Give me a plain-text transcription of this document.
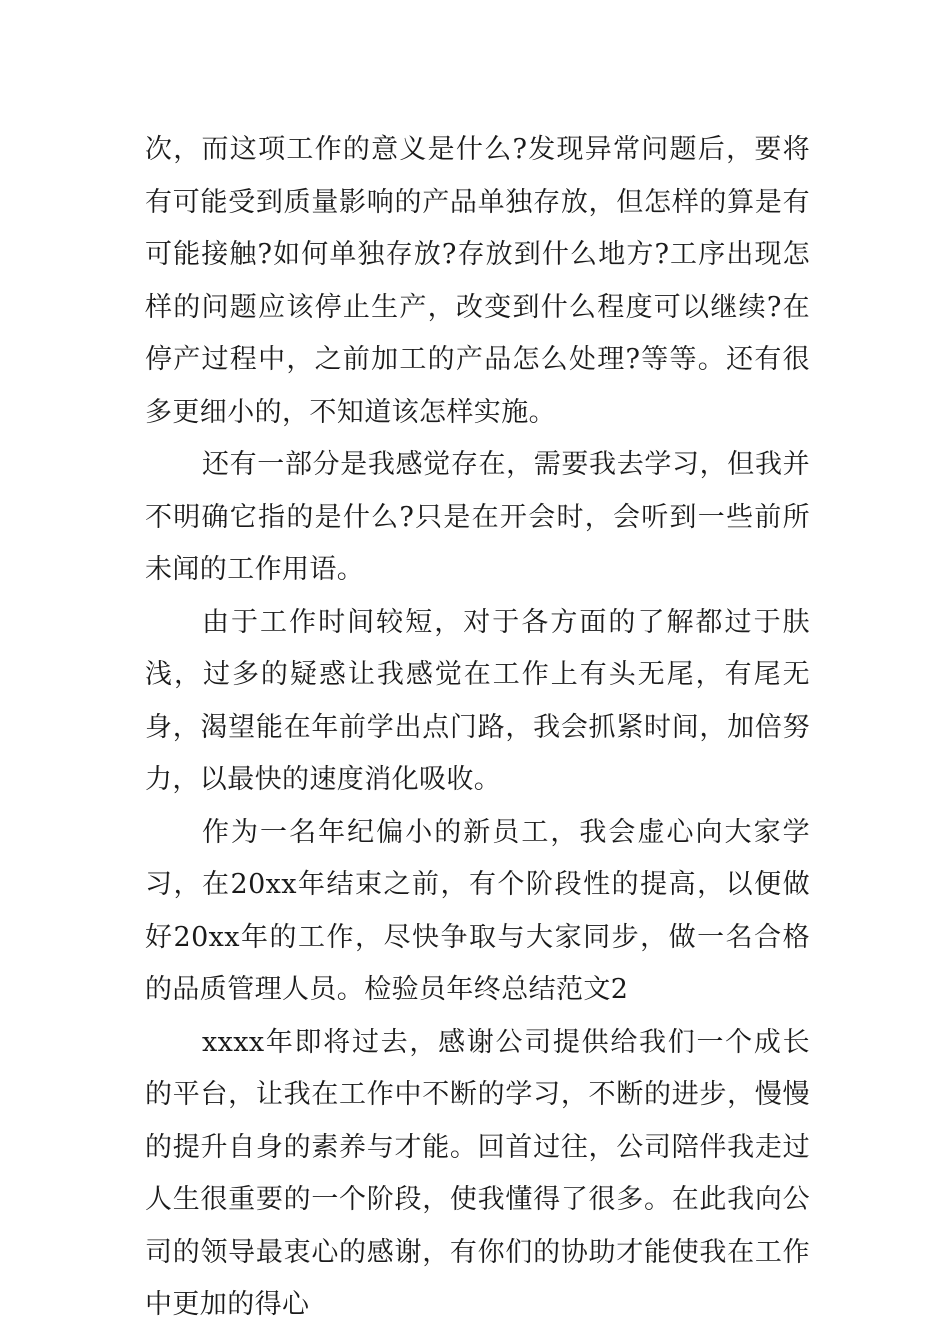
次，而这项工作的意义是什么?发现异常问题后，要将有可能受到质量影响的产品单独存放，但怎样的算是有可能接触?如何单独存放?存放到什么地方?工序出现怎样的问题应该停止生产，改变到什么程度可以继续?在停产过程中，之前加工的产品怎么处理?等等。还有很多更细小的，不知道该怎样实施。

还有一部分是我感觉存在，需要我去学习，但我并不明确它指的是什么?只是在开会时，会听到一些前所未闻的工作用语。

由于工作时间较短，对于各方面的了解都过于肤浅，过多的疑惑让我感觉在工作上有头无尾，有尾无身，渴望能在年前学出点门路，我会抓紧时间，加倍努力，以最快的速度消化吸收。

作为一名年纪偏小的新员工，我会虚心向大家学习，在20xx年结束之前，有个阶段性的提高，以便做好20xx年的工作，尽快争取与大家同步，做一名合格的品质管理人员。检验员年终总结范文2

xxxx年即将过去，感谢公司提供给我们一个成长的平台，让我在工作中不断的学习，不断的进步，慢慢的提升自身的素养与才能。回首过往，公司陪伴我走过人生很重要的一个阶段，使我懂得了很多。在此我向公司的领导最衷心的感谢，有你们的协助才能使我在工作中更加的得心
